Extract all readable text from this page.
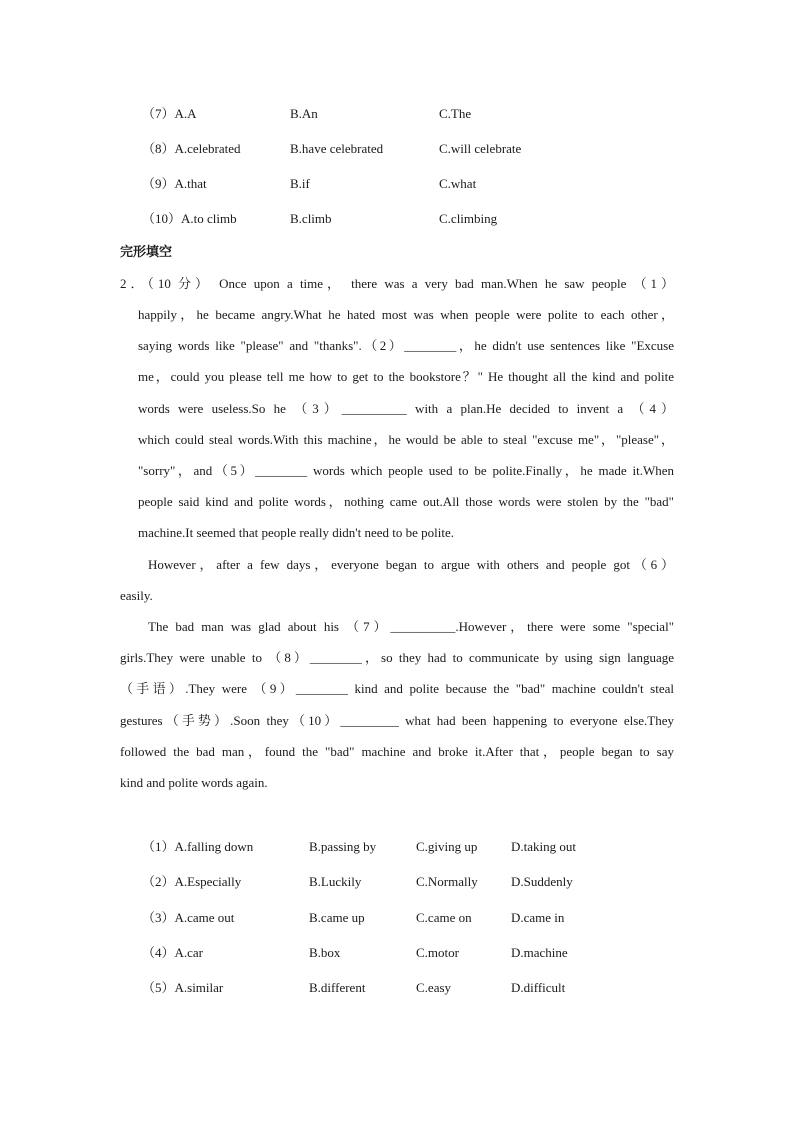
（7）A.A	B.An	C.The
（8）A.celebrated	B.have celebrated	C.will celebrate
（9）A.that	B.if	C.what
（10）A.to climb	B.climb	C.climbing
完形填空
2．（10 分） Once upon a time， there was a very bad man.When he saw people （1）
happily，he became angry.What he hated most was when people were polite to each other，
saying words like "please" and "thanks".（2）________，he didn't use sentences like "Excuse
me，could you please tell me how to get to the bookstore？" He thought all the kind and polite
words were useless.So he （3）__________ with a plan.He decided to invent a （4）
which could steal words.With this machine，he would be able to steal "excuse me"，"please"，
"sorry"，and（5）________ words which people used to be polite.Finally，he made it.When
people said kind and polite words，nothing came out.All those words were stolen by the "bad"
machine.It seemed that people really didn't need to be polite.
However，after a few days，everyone began to argue with others and people got（6）
easily.
The bad man was glad about his （7）__________.However，there were some "special"
girls.They were unable to （8）________，so they had to communicate by using sign language
（手语）.They were （9）________ kind and polite because the "bad" machine couldn't steal
gestures（手势）.Soon they（10）_________ what had been happening to everyone else.They
followed the bad man，found the "bad" machine and broke it.After that，people began to say
kind and polite words again.
（1）A.falling down	B.passing by	C.giving up	D.taking out
（2）A.Especially	B.Luckily	C.Normally	D.Suddenly
（3）A.came out	B.came up	C.came on	D.came in
（4）A.car	B.box	C.motor	D.machine
（5）A.similar	B.different	C.easy	D.difficult
